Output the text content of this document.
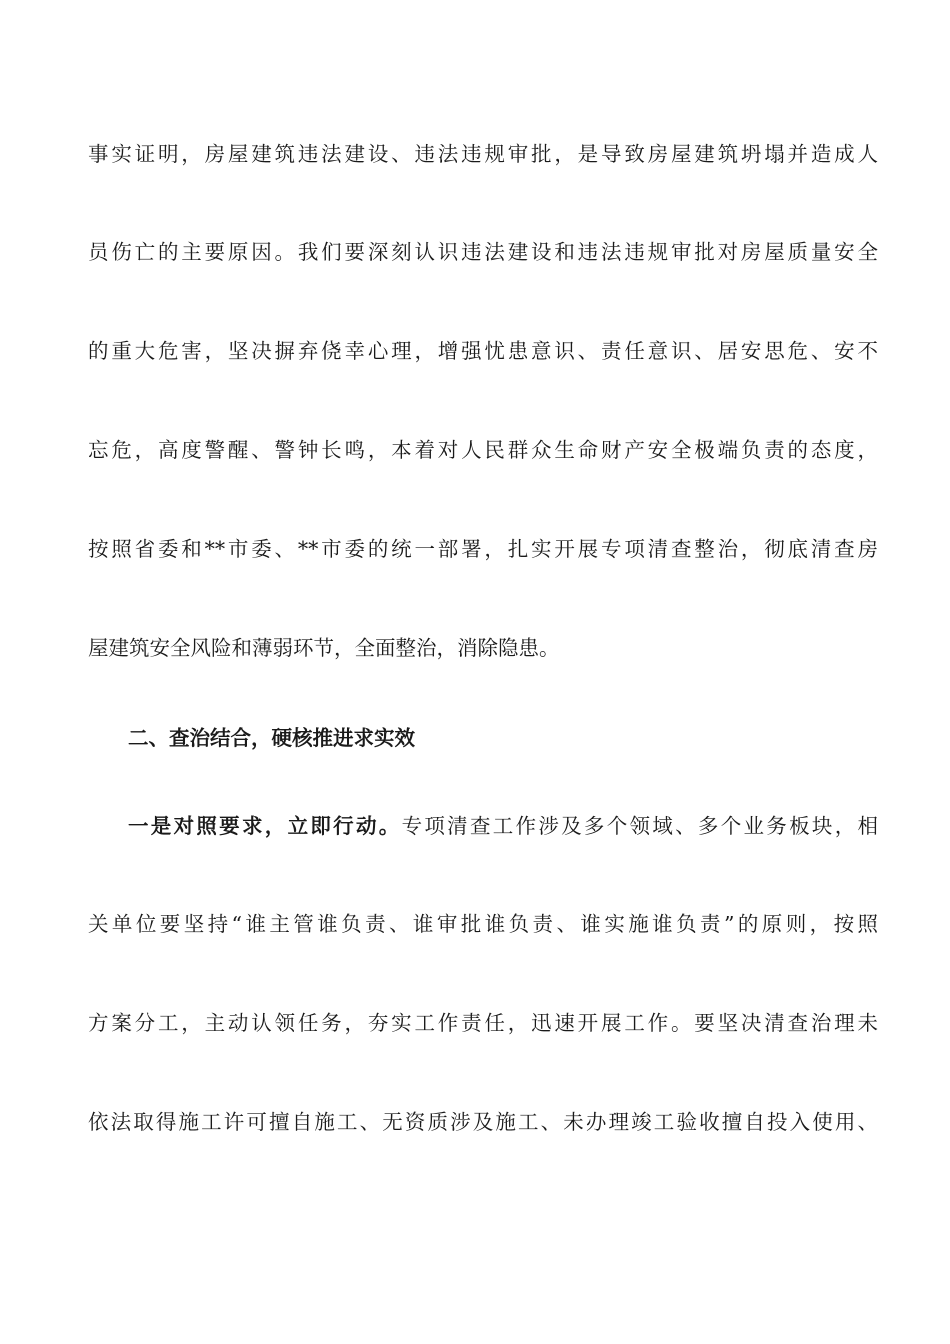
事实证明，房屋建筑违法建设、违法违规审批，是导致房屋建筑坍塌并造成人
员伤亡的主要原因。我们要深刻认识违法建设和违法违规审批对房屋质量安全
的重大危害，坚决摒弃侥幸心理，增强忧患意识、责任意识、居安思危、安不
忘危，高度警醒、警钟长鸣，本着对人民群众生命财产安全极端负责的态度，
按照省委和**市委、**市委的统一部署，扎实开展专项清查整治，彻底清查房
屋建筑安全风险和薄弱环节，全面整治，消除隐患。
二、查治结合，硬核推进求实效
一是对照要求，立即行动。专项清查工作涉及多个领域、多个业务板块，相
关单位要坚持“谁主管谁负责、谁审批谁负责、谁实施谁负责”的原则，按照
方案分工，主动认领任务，夯实工作责任，迅速开展工作。要坚决清查治理未
依法取得施工许可擅自施工、无资质涉及施工、未办理竣工验收擅自投入使用、
